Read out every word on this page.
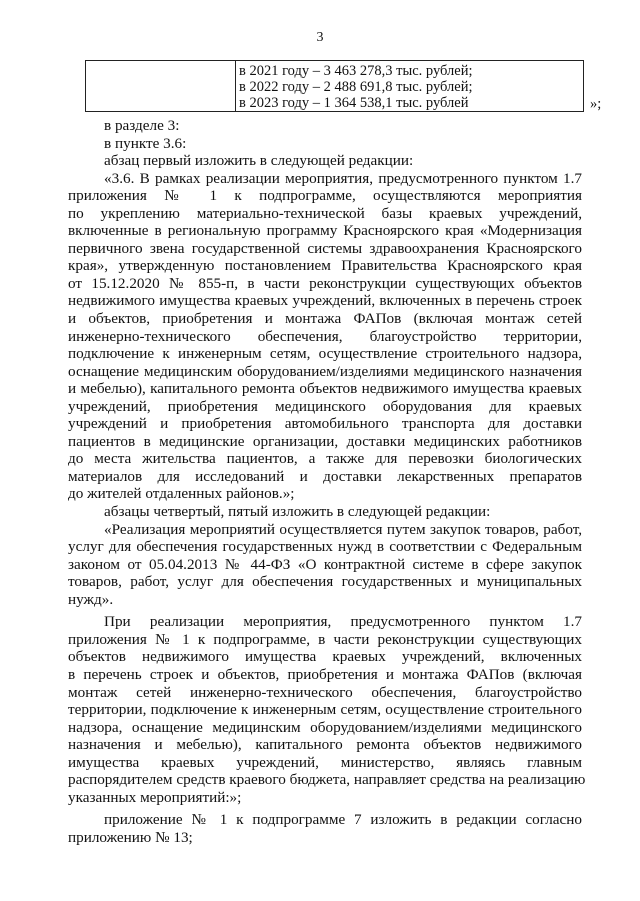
3
в 2021 году – 3 463 278,3 тыс. рублей;
в 2022 году – 2 488 691,8 тыс. рублей;
в 2023 году – 1 364 538,1 тыс. рублей	»;
в разделе 3:
в пункте 3.6:
абзац первый изложить в следующей редакции:
«3.6. В рамках реализации мероприятия, предусмотренного пунктом 1.7
приложения № 1 к подпрограмме, осуществляются мероприятия
по укреплению материально-технической базы краевых учреждений,
включенные в региональную программу Красноярского края «Модернизация
первичного звена государственной системы здравоохранения Красноярского
края», утвержденную постановлением Правительства Красноярского края
от 15.12.2020 № 855-п, в части реконструкции существующих объектов
недвижимого имущества краевых учреждений, включенных в перечень строек
и объектов, приобретения и монтажа ФАПов (включая монтаж сетей
инженерно-технического обеспечения, благоустройство территории,
подключение к инженерным сетям, осуществление строительного надзора,
оснащение медицинским оборудованием/изделиями медицинского назначения
и мебелью), капитального ремонта объектов недвижимого имущества краевых
учреждений, приобретения медицинского оборудования для краевых
учреждений и приобретения автомобильного транспорта для доставки
пациентов в медицинские организации, доставки медицинских работников
до места жительства пациентов, а также для перевозки биологических
материалов для исследований и доставки лекарственных препаратов
до жителей отдаленных районов.»;
абзацы четвертый, пятый изложить в следующей редакции:
«Реализация мероприятий осуществляется путем закупок товаров, работ,
услуг для обеспечения государственных нужд в соответствии с Федеральным
законом от 05.04.2013 № 44-ФЗ «О контрактной системе в сфере закупок
товаров, работ, услуг для обеспечения государственных и муниципальных
нужд».
При реализации мероприятия, предусмотренного пунктом 1.7
приложения № 1 к подпрограмме, в части реконструкции существующих
объектов недвижимого имущества краевых учреждений, включенных
в перечень строек и объектов, приобретения и монтажа ФАПов (включая
монтаж сетей инженерно-технического обеспечения, благоустройство
территории, подключение к инженерным сетям, осуществление строительного
надзора, оснащение медицинским оборудованием/изделиями медицинского
назначения и мебелью), капитального ремонта объектов недвижимого
имущества краевых учреждений, министерство, являясь главным
распорядителем средств краевого бюджета, направляет средства на реализацию
указанных мероприятий:»;
приложение № 1 к подпрограмме 7 изложить в редакции согласно
приложению № 13;
